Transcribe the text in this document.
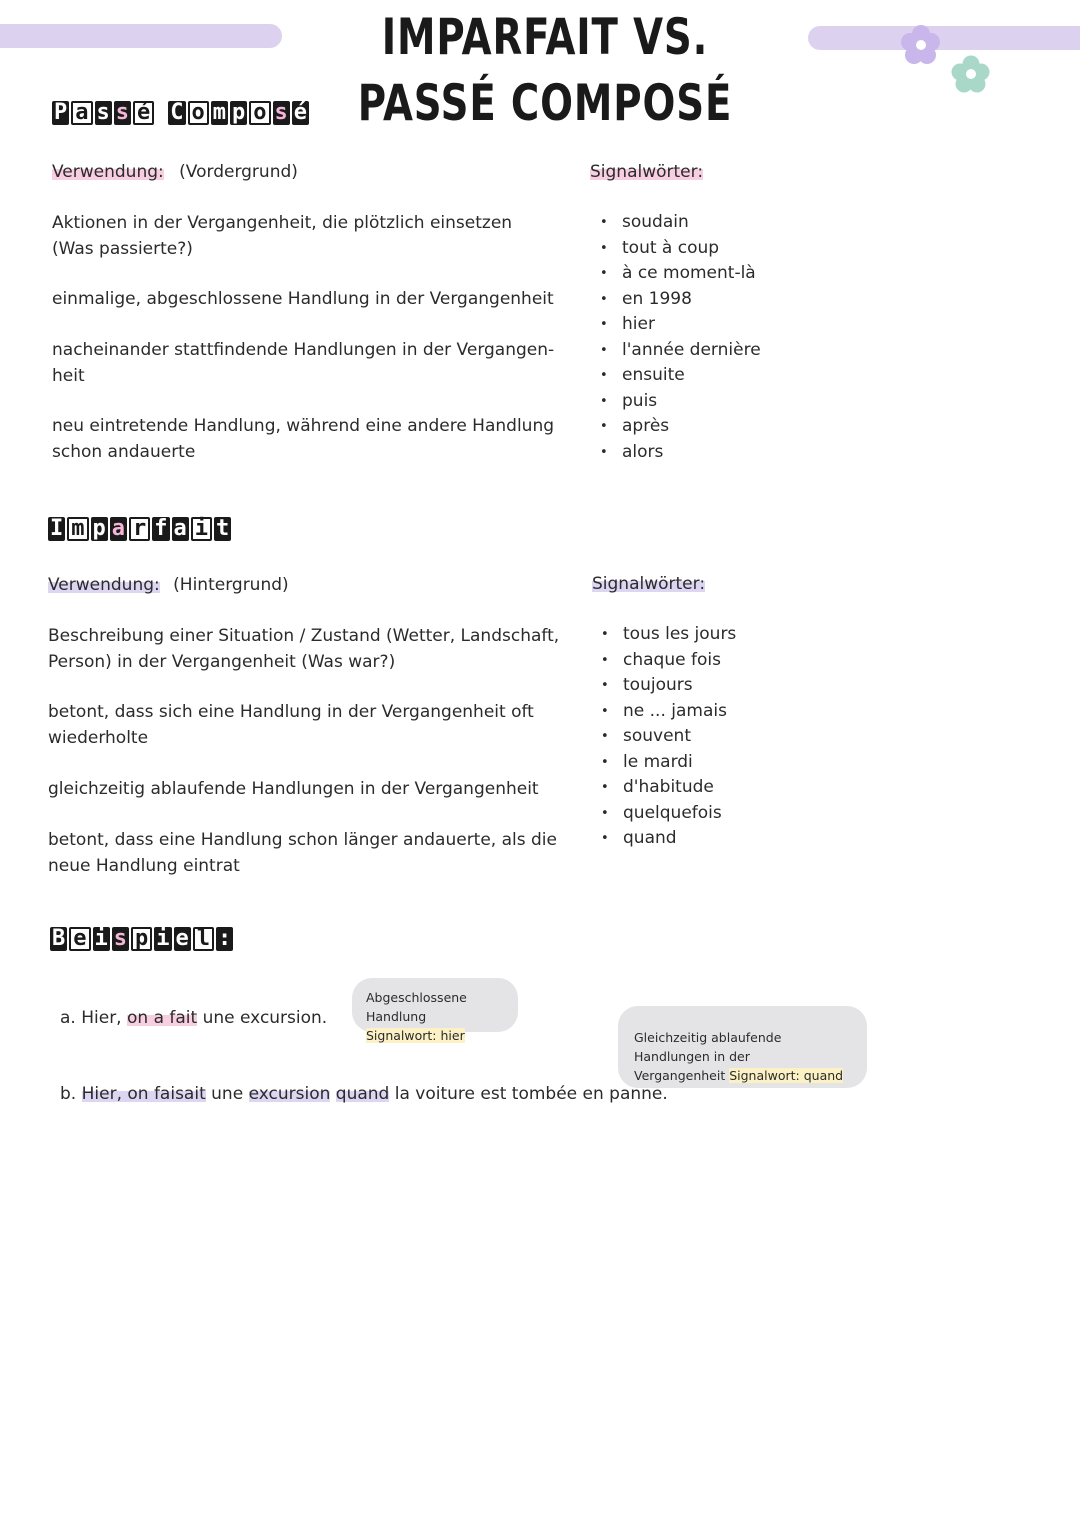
IMPARFAIT VS. PASSÉ COMPOSÉ
P a s s é C o m p o s é
Verwendung: (Vordergrund)
Aktionen in der Vergangenheit, die plötzlich einsetzen
(Was passierte?)
einmalige, abgeschlossene Handlung in der Vergangenheit
nacheinander stattfindende Handlungen in der Vergangen-
heit
neu eintretende Handlung, während eine andere Handlung
schon andauerte
Signalwörter:
• soudain
• tout à coup
• à ce moment-là
• en 1998
• hier
• l'année dernière
• ensuite
• puis
• après
• alors
I m p a r f a i t
Verwendung: (Hintergrund)
Beschreibung einer Situation / Zustand (Wetter, Landschaft,
Person) in der Vergangenheit (Was war?)
betont, dass sich eine Handlung in der Vergangenheit oft
wiederholte
gleichzeitig ablaufende Handlungen in der Vergangenheit
betont, dass eine Handlung schon länger andauerte, als die
neue Handlung eintrat
Signalwörter:
• tous les jours
• chaque fois
• toujours
• ne ... jamais
• souvent
• le mardi
• d'habitude
• quelquefois
• quand
B e i s p i e l :
a. Hier, on a fait une excursion.
Abgeschlossene Handlung
Signalwort: hier	Gleichzeitig ablaufende Handlungen in der
Vergangenheit Signalwort: quand
b. Hier, on faisait une excursion quand la voiture est tombée en panne.
